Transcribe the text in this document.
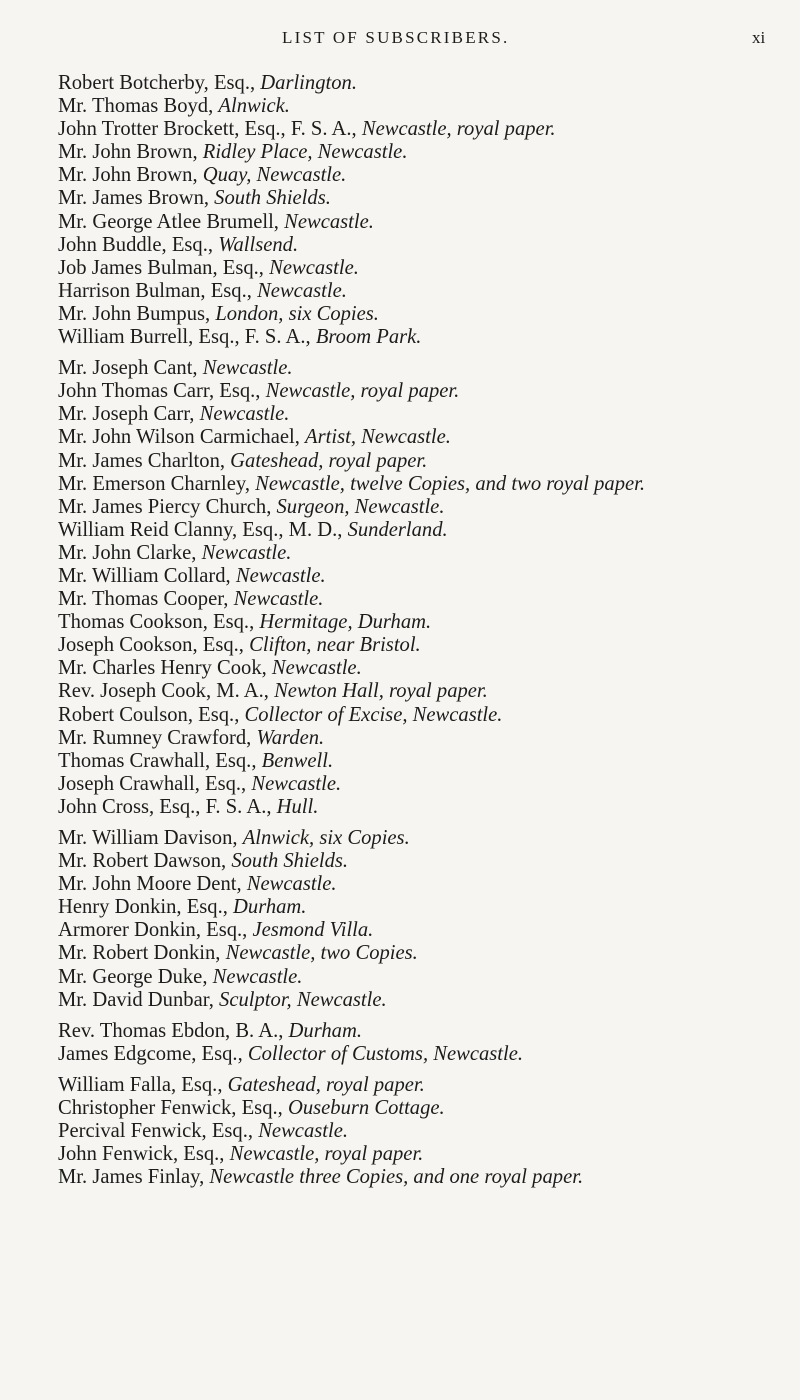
LIST OF SUBSCRIBERS.	xi
Robert Botcherby, Esq., Darlington.
Mr. Thomas Boyd, Alnwick.
John Trotter Brockett, Esq., F. S. A., Newcastle, royal paper.
Mr. John Brown, Ridley Place, Newcastle.
Mr. John Brown, Quay, Newcastle.
Mr. James Brown, South Shields.
Mr. George Atlee Brumell, Newcastle.
John Buddle, Esq., Wallsend.
Job James Bulman, Esq., Newcastle.
Harrison Bulman, Esq., Newcastle.
Mr. John Bumpus, London, six Copies.
William Burrell, Esq., F. S. A., Broom Park.
Mr. Joseph Cant, Newcastle.
John Thomas Carr, Esq., Newcastle, royal paper.
Mr. Joseph Carr, Newcastle.
Mr. John Wilson Carmichael, Artist, Newcastle.
Mr. James Charlton, Gateshead, royal paper.
Mr. Emerson Charnley, Newcastle, twelve Copies, and two royal paper.
Mr. James Piercy Church, Surgeon, Newcastle.
William Reid Clanny, Esq., M. D., Sunderland.
Mr. John Clarke, Newcastle.
Mr. William Collard, Newcastle.
Mr. Thomas Cooper, Newcastle.
Thomas Cookson, Esq., Hermitage, Durham.
Joseph Cookson, Esq., Clifton, near Bristol.
Mr. Charles Henry Cook, Newcastle.
Rev. Joseph Cook, M. A., Newton Hall, royal paper.
Robert Coulson, Esq., Collector of Excise, Newcastle.
Mr. Rumney Crawford, Warden.
Thomas Crawhall, Esq., Benwell.
Joseph Crawhall, Esq., Newcastle.
John Cross, Esq., F. S. A., Hull.
Mr. William Davison, Alnwick, six Copies.
Mr. Robert Dawson, South Shields.
Mr. John Moore Dent, Newcastle.
Henry Donkin, Esq., Durham.
Armorer Donkin, Esq., Jesmond Villa.
Mr. Robert Donkin, Newcastle, two Copies.
Mr. George Duke, Newcastle.
Mr. David Dunbar, Sculptor, Newcastle.
Rev. Thomas Ebdon, B. A., Durham.
James Edgcome, Esq., Collector of Customs, Newcastle.
William Falla, Esq., Gateshead, royal paper.
Christopher Fenwick, Esq., Ouseburn Cottage.
Percival Fenwick, Esq., Newcastle.
John Fenwick, Esq., Newcastle, royal paper.
Mr. James Finlay, Newcastle three Copies, and one royal paper.
